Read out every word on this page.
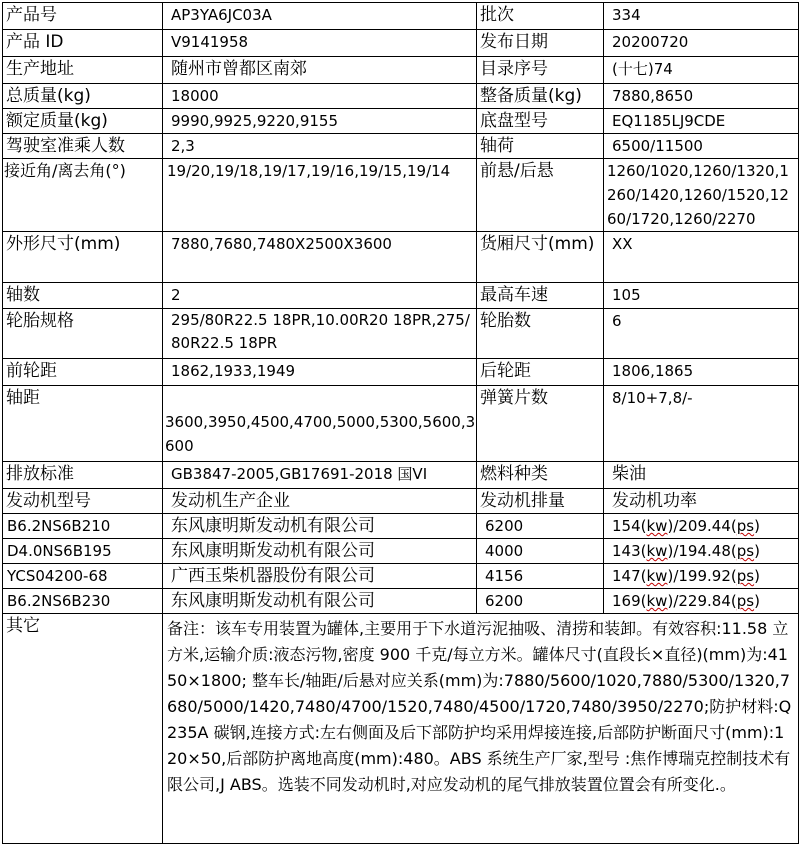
产品号	AP3YA6JC03A	批次	334
产品 ID	V9141958	发布日期	20200720
生产地址	随州市曾都区南郊	目录序号	(十七)74
总质量(kg)	18000	整备质量(kg)	7880,8650
额定质量(kg)	9990,9925,9220,9155	底盘型号	EQ1185LJ9CDE
驾驶室准乘人数	2,3	轴荷	6500/11500
接近角/离去角(°)	19/20,19/18,19/17,19/16,19/15,19/14	前悬/后悬	1260/1020,1260/1320,1260/1420,1260/1520,1260/1720,1260/2270
外形尺寸(mm)	7880,7680,7480X2500X3600	货厢尺寸(mm)	XX
轴数	2	最高车速	105
轮胎规格	295/80R22.5 18PR,10.00R20 18PR,275/80R22.5 18PR	轮胎数	6
前轮距	1862,1933,1949	后轮距	1806,1865
轴距	3600,3950,4500,4700,5000,5300,5600,3600	弹簧片数	8/10+7,8/-
排放标准	GB3847-2005,GB17691-2018 国VI	燃料种类	柴油
发动机型号	发动机生产企业	发动机排量	发动机功率
B6.2NS6B210	东风康明斯发动机有限公司	6200	154(kw)/209.44(ps)
D4.0NS6B195	东风康明斯发动机有限公司	4000	143(kw)/194.48(ps)
YCS04200-68	广西玉柴机器股份有限公司	4156	147(kw)/199.92(ps)
B6.2NS6B230	东风康明斯发动机有限公司	6200	169(kw)/229.84(ps)
其它	备注：该车专用装置为罐体,主要用于下水道污泥抽吸、清捞和装卸。有效容积:11.58 立方米,运输介质:液态污物,密度 900 千克/每立方米。罐体尺寸(直段长×直径)(mm)为:4150×1800; 整车长/轴距/后悬对应关系(mm)为:7880/5600/1020,7880/5300/1320,7680/5000/1420,7480/4700/1520,7480/4500/1720,7480/3950/2270;防护材料:Q235A 碳钢,连接方式:左右侧面及后下部防护均采用焊接连接,后部防护断面尺寸(mm):120×50,后部防护离地高度(mm):480。ABS 系统生产厂家,型号 :焦作博瑞克控制技术有限公司,J ABS。选装不同发动机时,对应发动机的尾气排放装置位置会有所变化.。		
